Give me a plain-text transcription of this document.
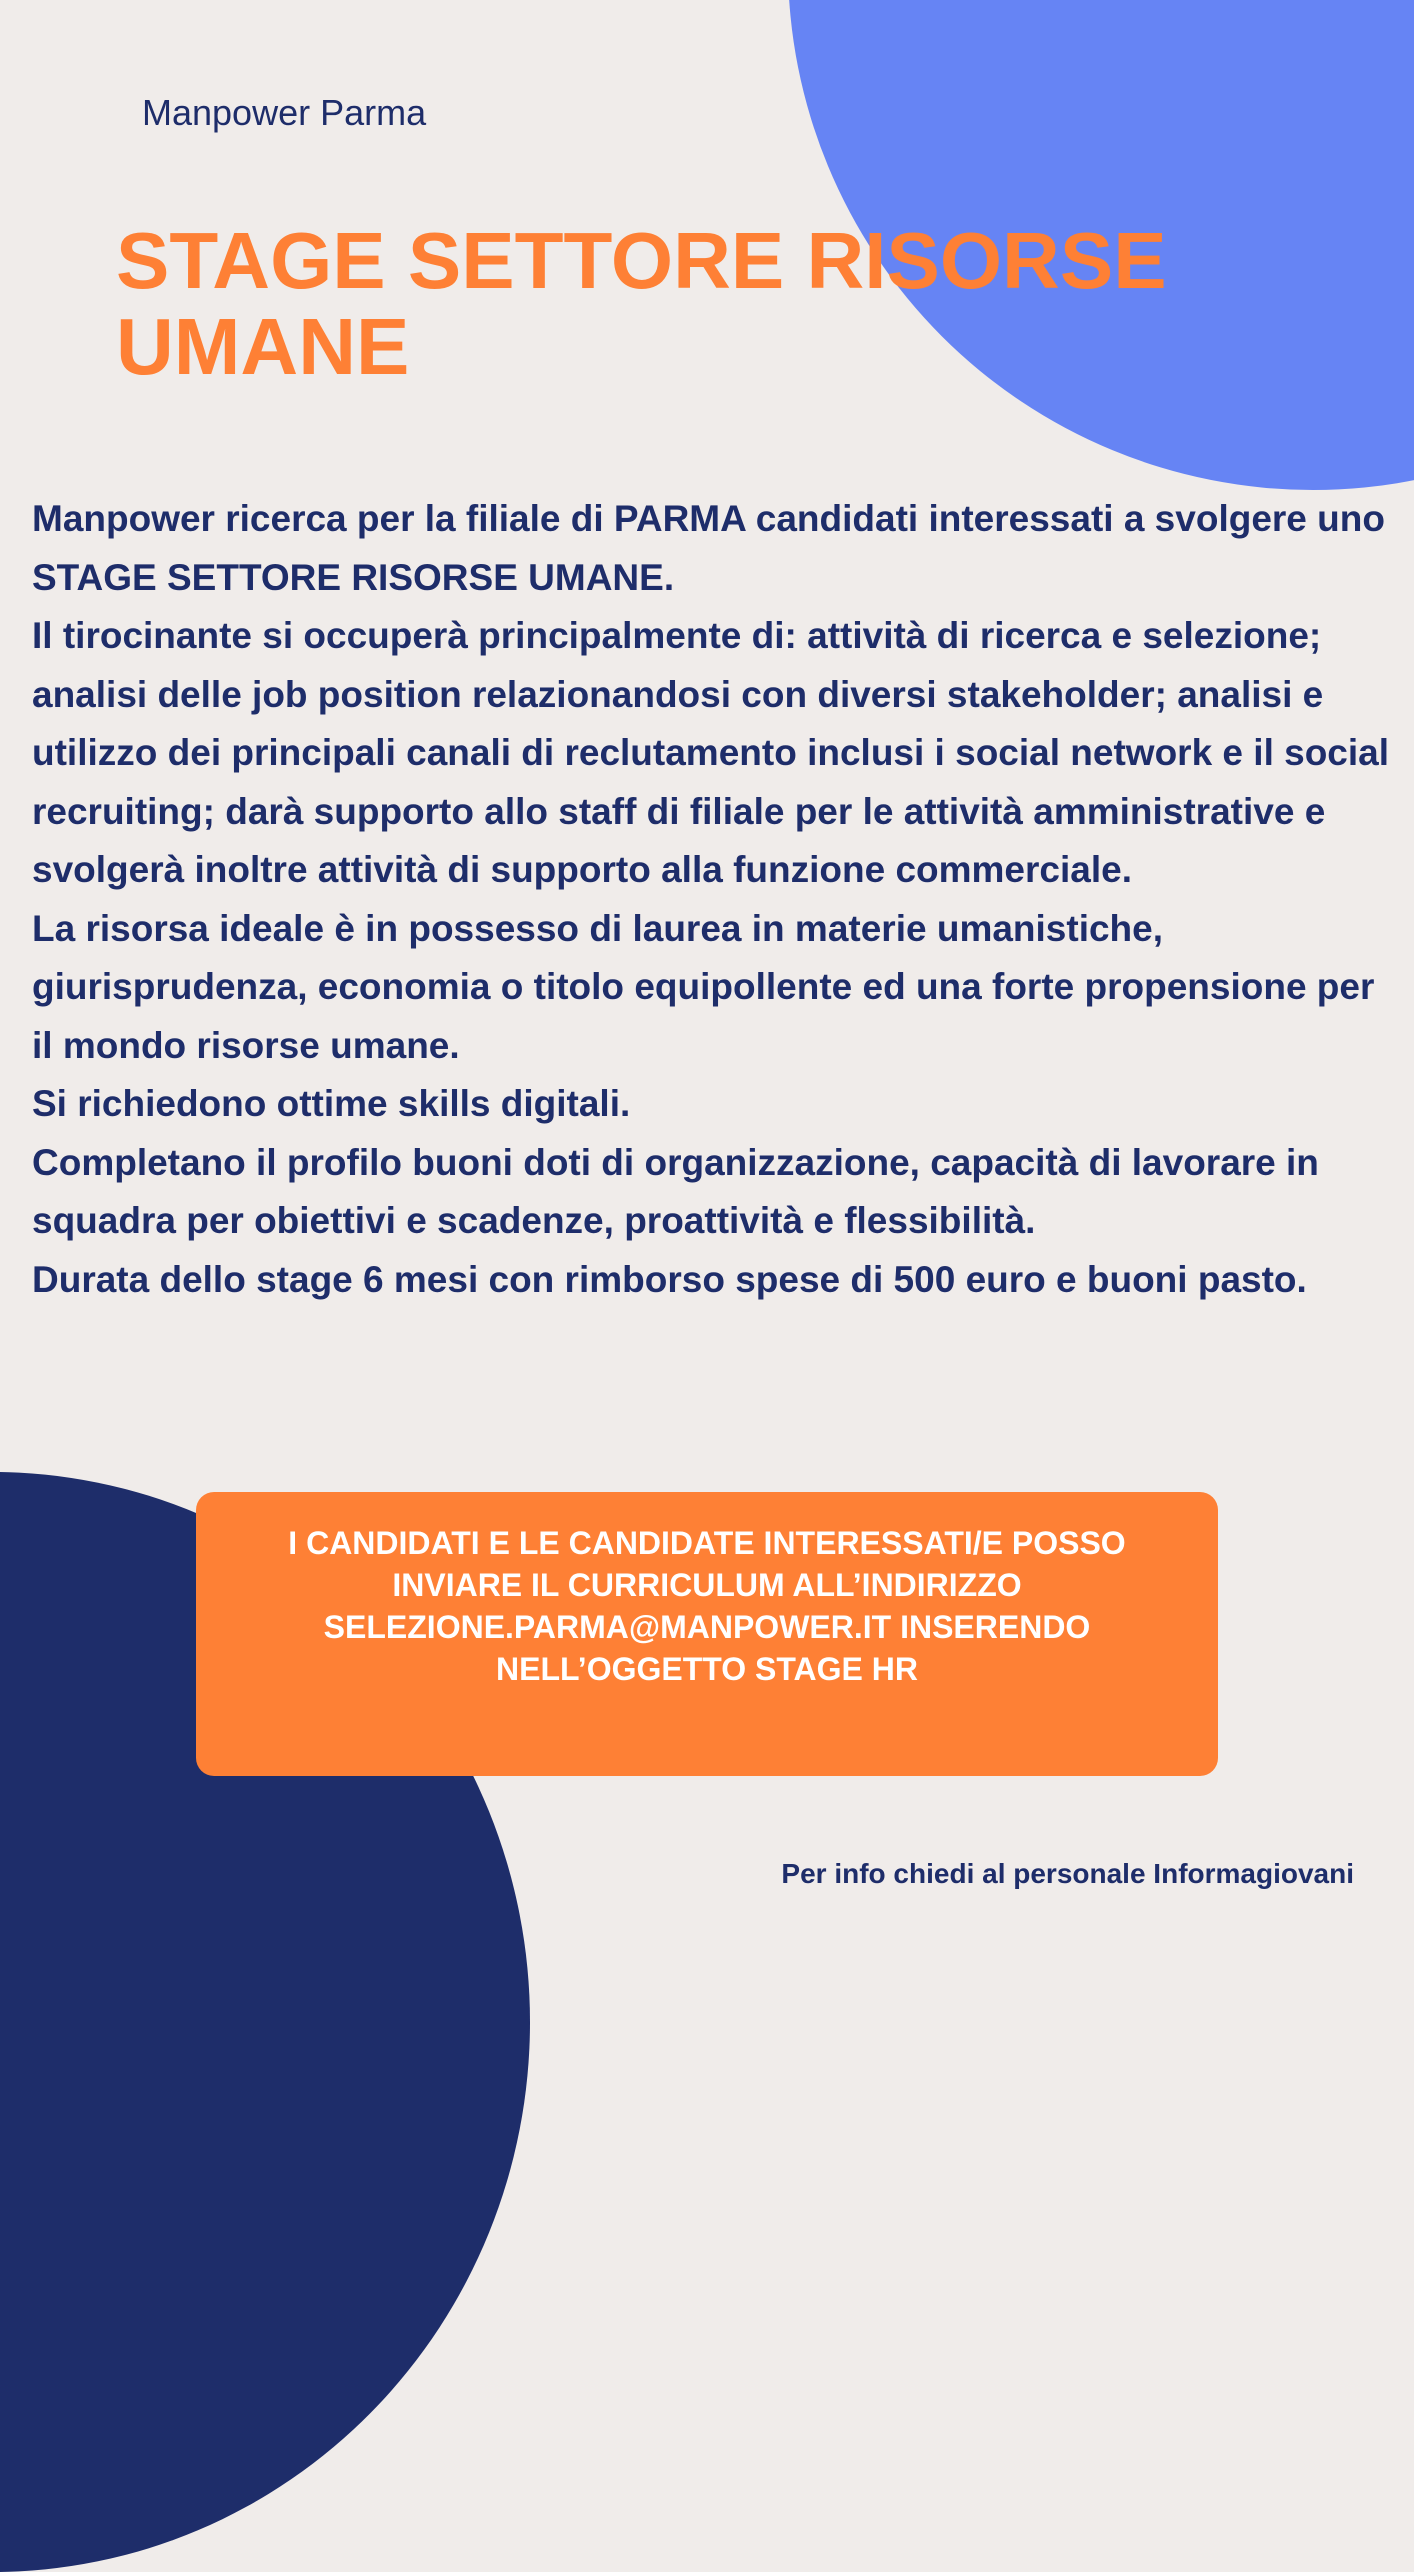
Manpower Parma
STAGE SETTORE RISORSE UMANE

Manpower ricerca per la filiale di PARMA candidati interessati a svolgere uno STAGE SETTORE RISORSE UMANE.

Il tirocinante si occuperà principalmente di: attività di ricerca e selezione; analisi delle job position relazionandosi con diversi stakeholder; analisi e utilizzo dei principali canali di reclutamento inclusi i social network e il social recruiting; darà supporto allo staff di filiale per le attività amministrative e svolgerà inoltre attività di supporto alla funzione commerciale.

La risorsa ideale è in possesso di laurea in materie umanistiche, giurisprudenza, economia o titolo equipollente ed una forte propensione per il mondo risorse umane.

Si richiedono ottime skills digitali.

Completano il profilo buoni doti di organizzazione, capacità di lavorare in squadra per obiettivi e scadenze, proattività e flessibilità.

Durata dello stage 6 mesi con rimborso spese di 500 euro e buoni pasto.

I CANDIDATI E LE CANDIDATE INTERESSATI/E POSSO INVIARE IL CURRICULUM ALL’INDIRIZZO SELEZIONE.PARMA@MANPOWER.IT INSERENDO NELL’OGGETTO STAGE HR
Per info chiedi al personale Informagiovani
